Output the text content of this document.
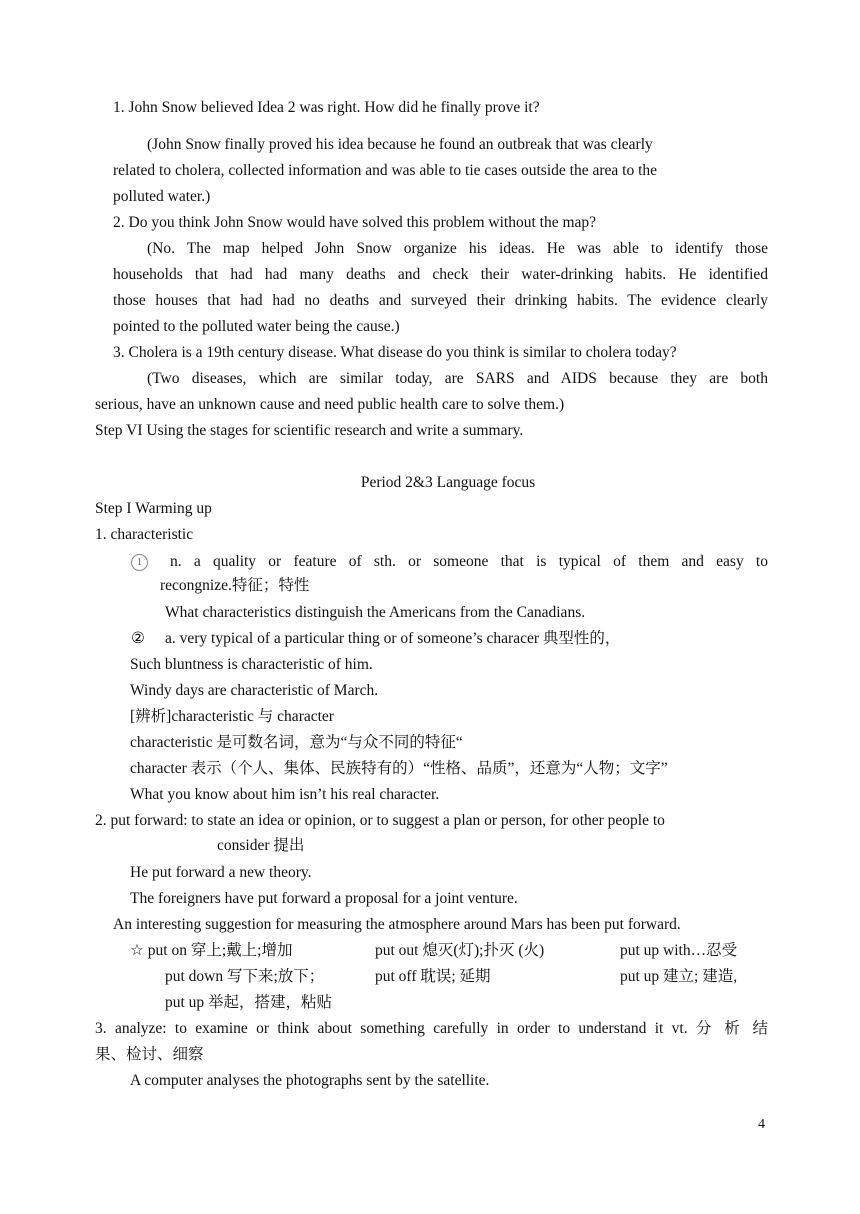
1. John Snow believed Idea 2 was right. How did he finally prove it?
(John Snow finally proved his idea because he found an outbreak that was clearly
related to cholera, collected information and was able to tie cases outside the area to the
polluted water.)
2. Do you think John Snow would have solved this problem without the map?
(No. The map helped John Snow organize his ideas. He was able to identify those
households that had had many deaths and check their water-drinking habits. He identified
those houses that had had no deaths and surveyed their drinking habits. The evidence clearly
pointed to the polluted water being the cause.)
3. Cholera is a 19th century disease. What disease do you think is similar to cholera today?
(Two diseases, which are similar today, are SARS and AIDS because they are both
serious, have an unknown cause and need public health care to solve them.)
Step VI Using the stages for scientific research and write a summary.
Period 2&3 Language focus
Step I Warming up
1. characteristic
1	n. a quality or feature of sth. or someone that is typical of them and easy to
recongnize.特征；特性
What characteristics distinguish the Americans from the Canadians.
② a. very typical of a particular thing or of someone’s characer 典型性的，
Such bluntness is characteristic of him.
Windy days are characteristic of March.
[辨析]characteristic 与 character
characteristic 是可数名词，意为“与众不同的特征“
character 表示（个人、集体、民族特有的）“性格、品质”，还意为“人物；文字”
What you know about him isn’t his real character.
2. put forward: to state an idea or opinion, or to suggest a plan or person, for other people to
consider 提出
He put forward a new theory.
The foreigners have put forward a proposal for a joint venture.
An interesting suggestion for measuring the atmosphere around Mars has been put forward.
☆ put on 穿上;戴上;增加	put out 熄灭(灯);扑灭 (火)	put up with…忍受
put down 写下来;放下；	put off 耽误; 延期	put up 建立; 建造,
put up 举起，搭建，粘贴
3. analyze: to examine or think about something carefully in order to understand it vt. 分 析 结
果、检讨、细察
A computer analyses the photographs sent by the satellite.
4
